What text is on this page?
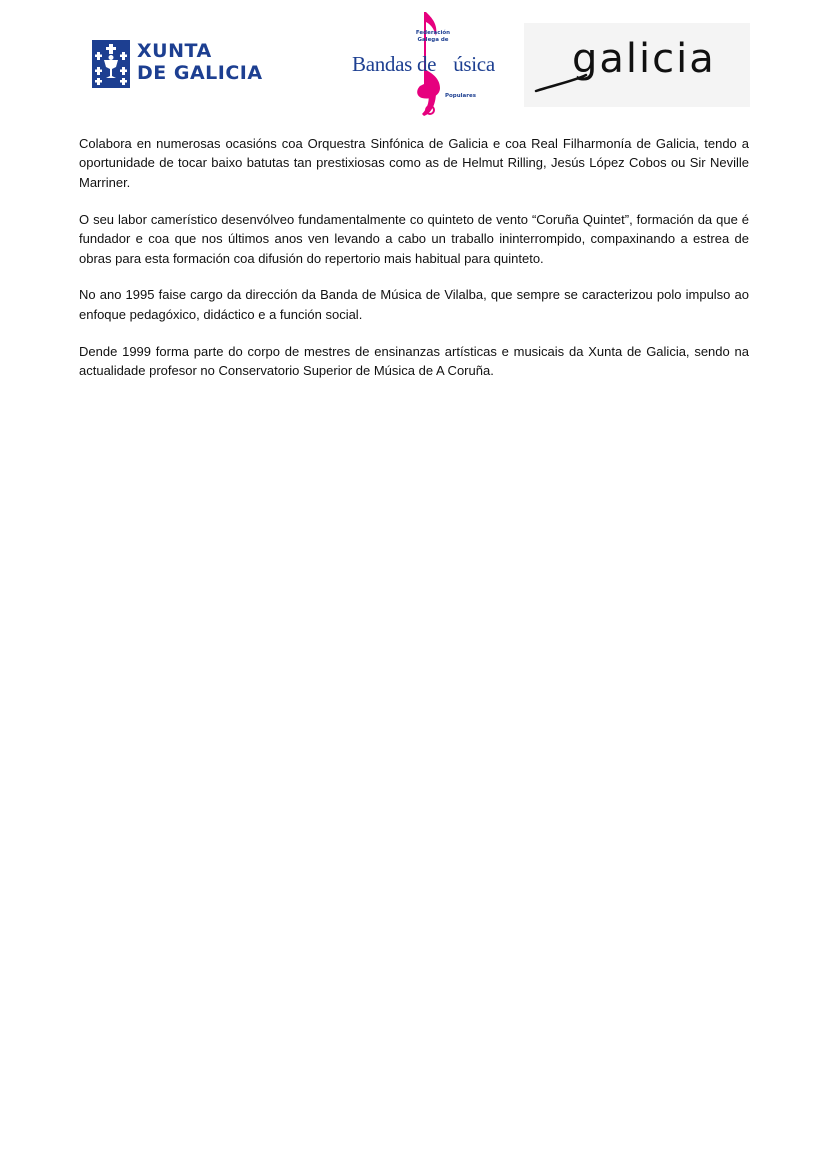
XUNTA
DE GALICIA
Federación
Galega de
Bandas de úsica
Populares
galicia

Colabora en numerosas ocasións coa Orquestra Sinfónica de Galicia e coa Real Filharmonía de Galicia, tendo a oportunidade de tocar baixo batutas tan prestixiosas como as de Helmut Rilling, Jesús López Cobos ou Sir Neville Marriner.

O seu labor camerístico desenvólveo fundamentalmente co quinteto de vento “Coruña Quintet”, formación da que é fundador e coa que nos últimos anos ven levando a cabo un traballo ininterrompido, compaxinando a estrea de obras para esta formación coa difusión do repertorio mais habitual para quinteto.

No ano 1995 faise cargo da dirección da Banda de Música de Vilalba, que sempre se caracterizou polo impulso ao enfoque pedagóxico, didáctico e a función social.

Dende 1999 forma parte do corpo de mestres de ensinanzas artísticas e musicais da Xunta de Galicia, sendo na actualidade profesor no Conservatorio Superior de Música de A Coruña.
